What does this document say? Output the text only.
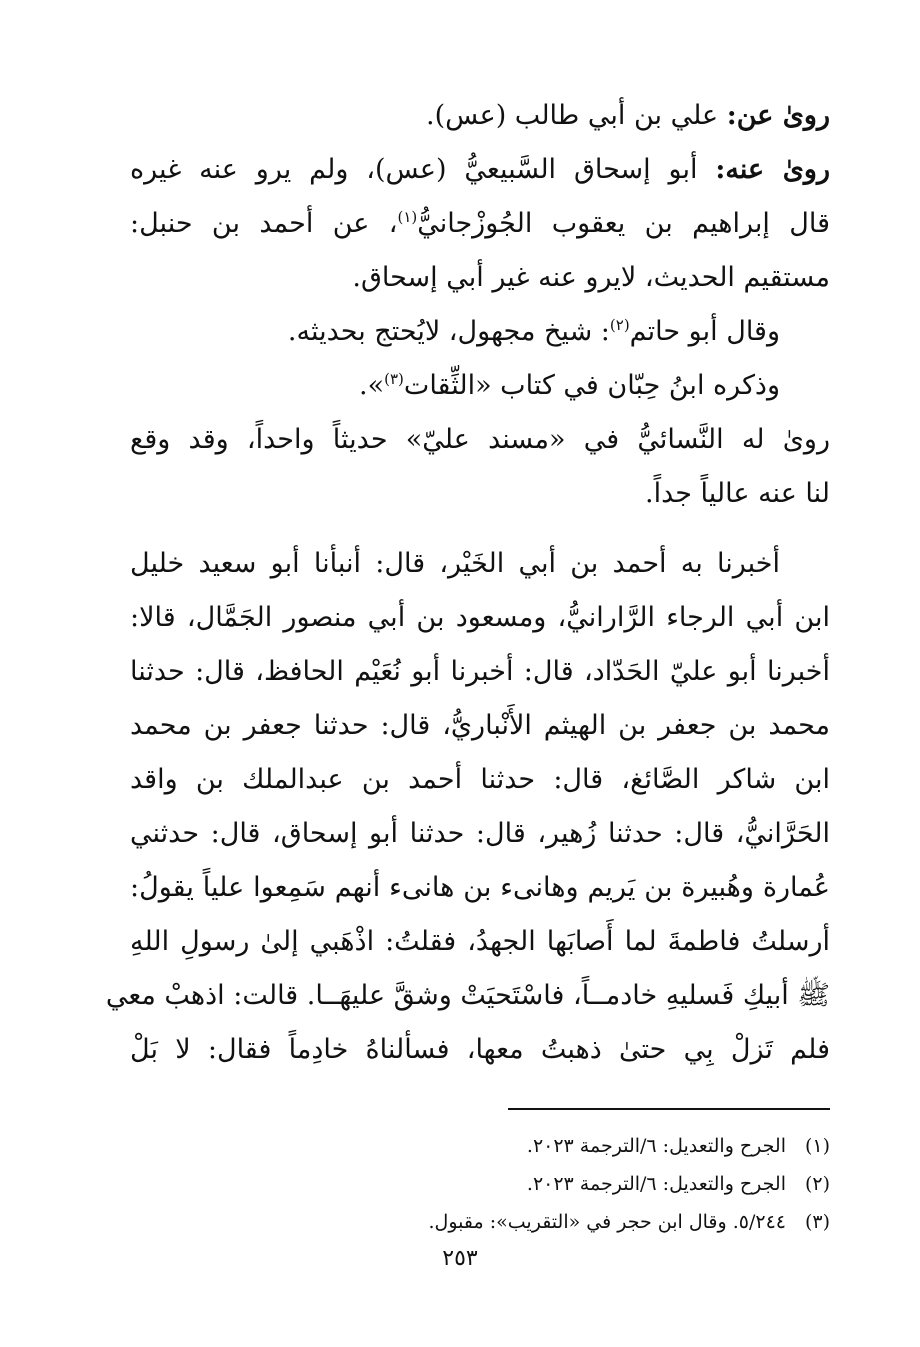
روىٰ عن: علي بن أبي طالب (عس).
روىٰ عنه: أبو إسحاق السَّبيعيُّ (عس)، ولم يرو عنه غيره
قال إبراهيم بن يعقوب الجُوزْجانيُّ$^{(١)}$، عن أحمد بن حنبل:
مستقيم الحديث، لايرو عنه غير أبي إسحاق.
وقال أبو حاتم$^{(٢)}$: شيخ مجهول، لايُحتج بحديثه.
وذكره ابنُ حِبّان في كتاب «الثِّقات$^{(٣)}$».
روىٰ له النَّسائيُّ في «مسند عليّ» حديثاً واحداً، وقد وقع
لنا عنه عالياً جداً.
أخبرنا به أحمد بن أبي الخَيْر، قال: أنبأنا أبو سعيد خليل
ابن أبي الرجاء الرَّارانيُّ، ومسعود بن أبي منصور الجَمَّال، قالا:
أخبرنا أبو عليّ الحَدّاد، قال: أخبرنا أبو نُعَيْم الحافظ، قال: حدثنا
محمد بن جعفر بن الهيثم الأَنْباريُّ، قال: حدثنا جعفر بن محمد
ابن شاكر الصَّائغ، قال: حدثنا أحمد بن عبدالملك بن واقد
الحَرَّانيُّ، قال: حدثنا زُهير، قال: حدثنا أبو إسحاق، قال: حدثني
عُمارة وهُبيرة بن يَريم وهانىء بن هانىء أنهم سَمِعوا علياً يقولُ:
أرسلتُ فاطمةَ لما أَصابَها الجهدُ، فقلتُ: اذْهَبي إلىٰ رسولِ اللهِ
ﷺ أبيكِ فَسليهِ خادمــاً، فاسْتَحيَتْ وشقَّ عليهَــا. قالت: اذهبْ معي
فلم تَزلْ بِي حتىٰ ذهبتُ معها، فسألناهُ خادِماً فقال: لا بَلْ
(١)الجرح والتعديل: ٦/الترجمة ٢٠٢٣.
(٢)الجرح والتعديل: ٦/الترجمة ٢٠٢٣.
(٣)٥/٢٤٤. وقال ابن حجر في «التقريب»: مقبول.
٢٥٣
